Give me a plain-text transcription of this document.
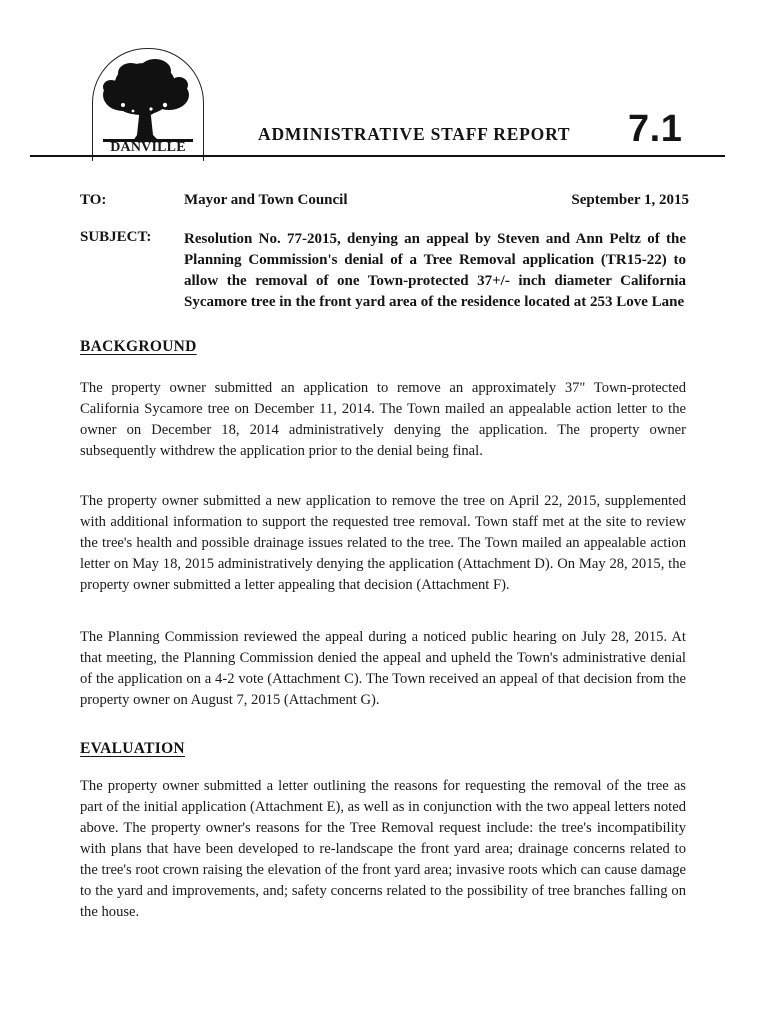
DANVILLE
ADMINISTRATIVE STAFF REPORT 7.1
TO:	Mayor and Town Council	September 1, 2015
SUBJECT: Resolution No. 77-2015, denying an appeal by Steven and Ann Peltz of the Planning Commission's denial of a Tree Removal application (TR15-22) to allow the removal of one Town-protected 37+/- inch diameter California Sycamore tree in the front yard area of the residence located at 253 Love Lane
BACKGROUND
The property owner submitted an application to remove an approximately 37" Town-protected California Sycamore tree on December 11, 2014. The Town mailed an appealable action letter to the owner on December 18, 2014 administratively denying the application. The property owner subsequently withdrew the application prior to the denial being final.
The property owner submitted a new application to remove the tree on April 22, 2015, supplemented with additional information to support the requested tree removal. Town staff met at the site to review the tree's health and possible drainage issues related to the tree. The Town mailed an appealable action letter on May 18, 2015 administratively denying the application (Attachment D). On May 28, 2015, the property owner submitted a letter appealing that decision (Attachment F).
The Planning Commission reviewed the appeal during a noticed public hearing on July 28, 2015. At that meeting, the Planning Commission denied the appeal and upheld the Town's administrative denial of the application on a 4-2 vote (Attachment C). The Town received an appeal of that decision from the property owner on August 7, 2015 (Attachment G).
EVALUATION
The property owner submitted a letter outlining the reasons for requesting the removal of the tree as part of the initial application (Attachment E), as well as in conjunction with the two appeal letters noted above. The property owner's reasons for the Tree Removal request include: the tree's incompatibility with plans that have been developed to re-landscape the front yard area; drainage concerns related to the tree's root crown raising the elevation of the front yard area; invasive roots which can cause damage to the yard and improvements, and; safety concerns related to the possibility of tree branches falling on the house.
